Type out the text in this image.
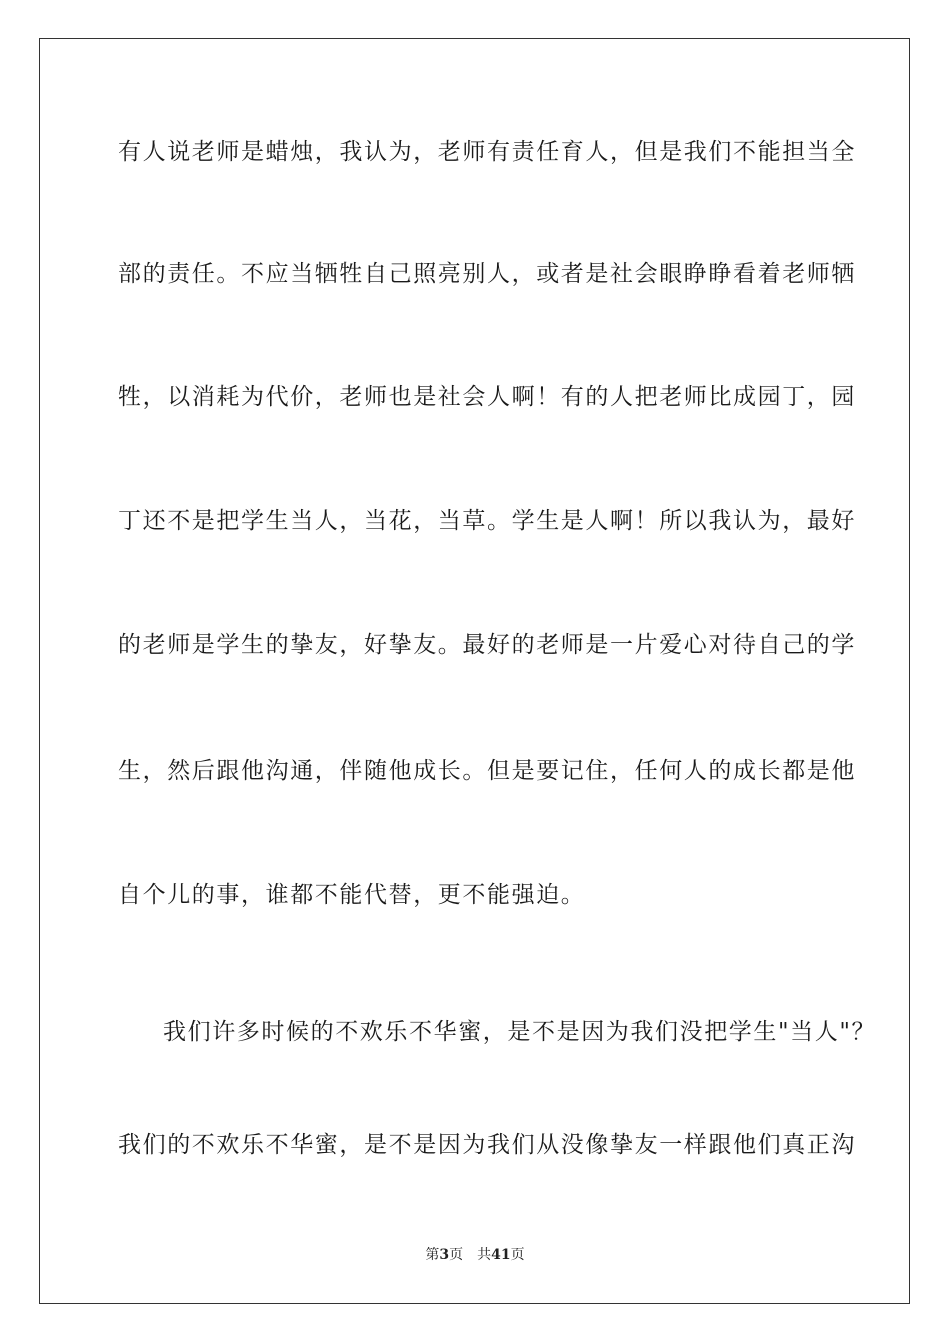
有人说老师是蜡烛，我认为，老师有责任育人，但是我们不能担当全
部的责任。不应当牺牲自己照亮别人，或者是社会眼睁睁看着老师牺
牲，以消耗为代价，老师也是社会人啊！有的人把老师比成园丁，园
丁还不是把学生当人，当花，当草。学生是人啊！所以我认为，最好
的老师是学生的挚友，好挚友。最好的老师是一片爱心对待自己的学
生，然后跟他沟通，伴随他成长。但是要记住，任何人的成长都是他
自个儿的事，谁都不能代替，更不能强迫。
我们许多时候的不欢乐不华蜜，是不是因为我们没把学生"当人"？
我们的不欢乐不华蜜，是不是因为我们从没像挚友一样跟他们真正沟
第3页 共41页
